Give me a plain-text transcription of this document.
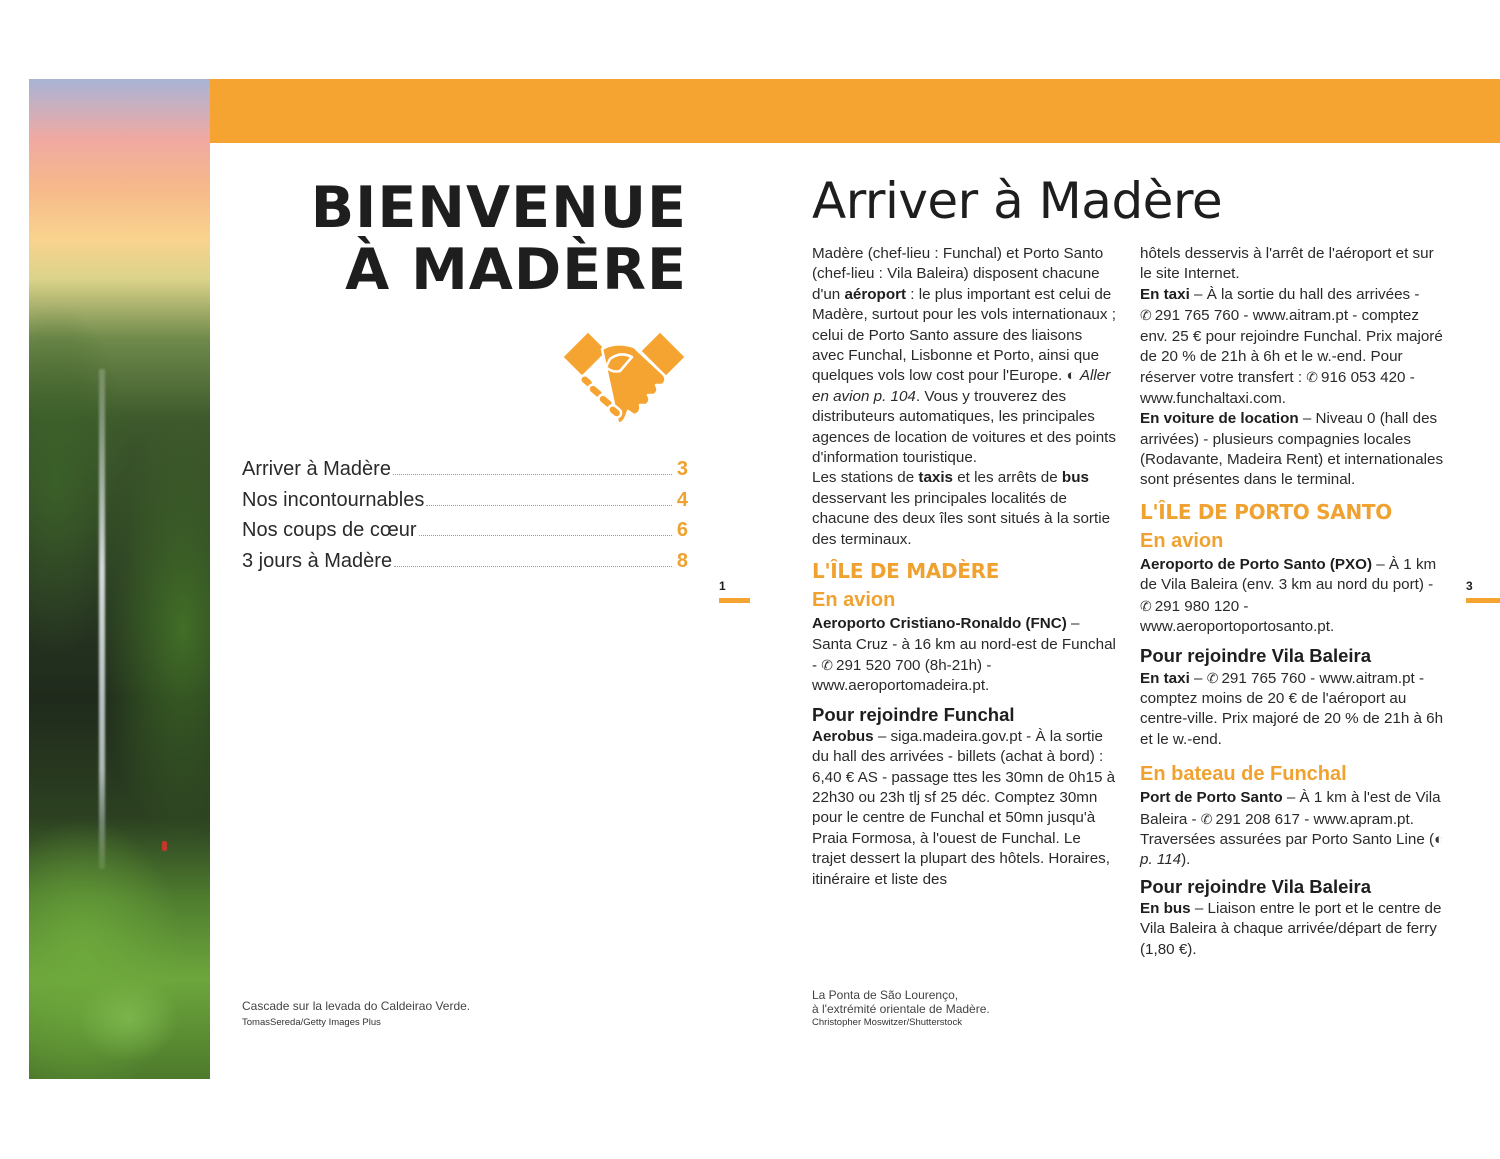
BIENVENUE
À MADÈRE
Arriver à Madère	3
Nos incontournables	4
Nos coups de cœur	6
3 jours à Madère	8
1
Cascade sur la levada do Caldeirao Verde.
TomasSereda/Getty Images Plus
Arriver à Madère

Madère (chef-lieu : Funchal) et Porto Santo (chef-lieu : Vila Baleira) disposent chacune d'un aéroport : le plus important est celui de Madère, surtout pour les vols internationaux ; celui de Porto Santo assure des liaisons avec Funchal, Lisbonne et Porto, ainsi que quelques vols low cost pour l'Europe. ◐ Aller en avion p. 104. Vous y trouverez des distributeurs automatiques, les principales agences de location de voitures et des points d'information touristique.

Les stations de taxis et les arrêts de bus desservant les principales localités de chacune des deux îles sont situés à la sortie des terminaux.

L'ÎLE DE MADÈRE
En avion

Aeroporto Cristiano-Ronaldo (FNC) – Santa Cruz - à 16 km au nord-est de Funchal - ✆ 291 520 700 (8h-21h) - www.aeroportomadeira.pt.

Pour rejoindre Funchal

Aerobus – siga.madeira.gov.pt - À la sortie du hall des arrivées - billets (achat à bord) : 6,40 € AS - passage ttes les 30mn de 0h15 à 22h30 ou 23h tlj sf 25 déc. Comptez 30mn pour le centre de Funchal et 50mn jusqu'à Praia Formosa, à l'ouest de Funchal. Le trajet dessert la plupart des hôtels. Horaires, itinéraire et liste des

hôtels desservis à l'arrêt de l'aéroport et sur le site Internet.

En taxi – À la sortie du hall des arrivées - ✆ 291 765 760 - www.aitram.pt - comptez env. 25 € pour rejoindre Funchal. Prix majoré de 20 % de 21h à 6h et le w.-end. Pour réserver votre transfert : ✆ 916 053 420 - www.funchaltaxi.com.

En voiture de location – Niveau 0 (hall des arrivées) - plusieurs compagnies locales (Rodavante, Madeira Rent) et internationales sont présentes dans le terminal.

L'ÎLE DE PORTO SANTO
En avion

Aeroporto de Porto Santo (PXO) – À 1 km de Vila Baleira (env. 3 km au nord du port) - ✆ 291 980 120 - www.aeroportoportosanto.pt.

Pour rejoindre Vila Baleira

En taxi – ✆ 291 765 760 - www.aitram.pt - comptez moins de 20 € de l'aéroport au centre-ville. Prix majoré de 20 % de 21h à 6h et le w.-end.

En bateau de Funchal

Port de Porto Santo – À 1 km à l'est de Vila Baleira - ✆ 291 208 617 - www.apram.pt. Traversées assurées par Porto Santo Line (◐ p. 114).

Pour rejoindre Vila Baleira

En bus – Liaison entre le port et le centre de Vila Baleira à chaque arrivée/départ de ferry (1,80 €).

3
La Ponta de São Lourenço,
à l'extrémité orientale de Madère.
Christopher Moswitzer/Shutterstock
